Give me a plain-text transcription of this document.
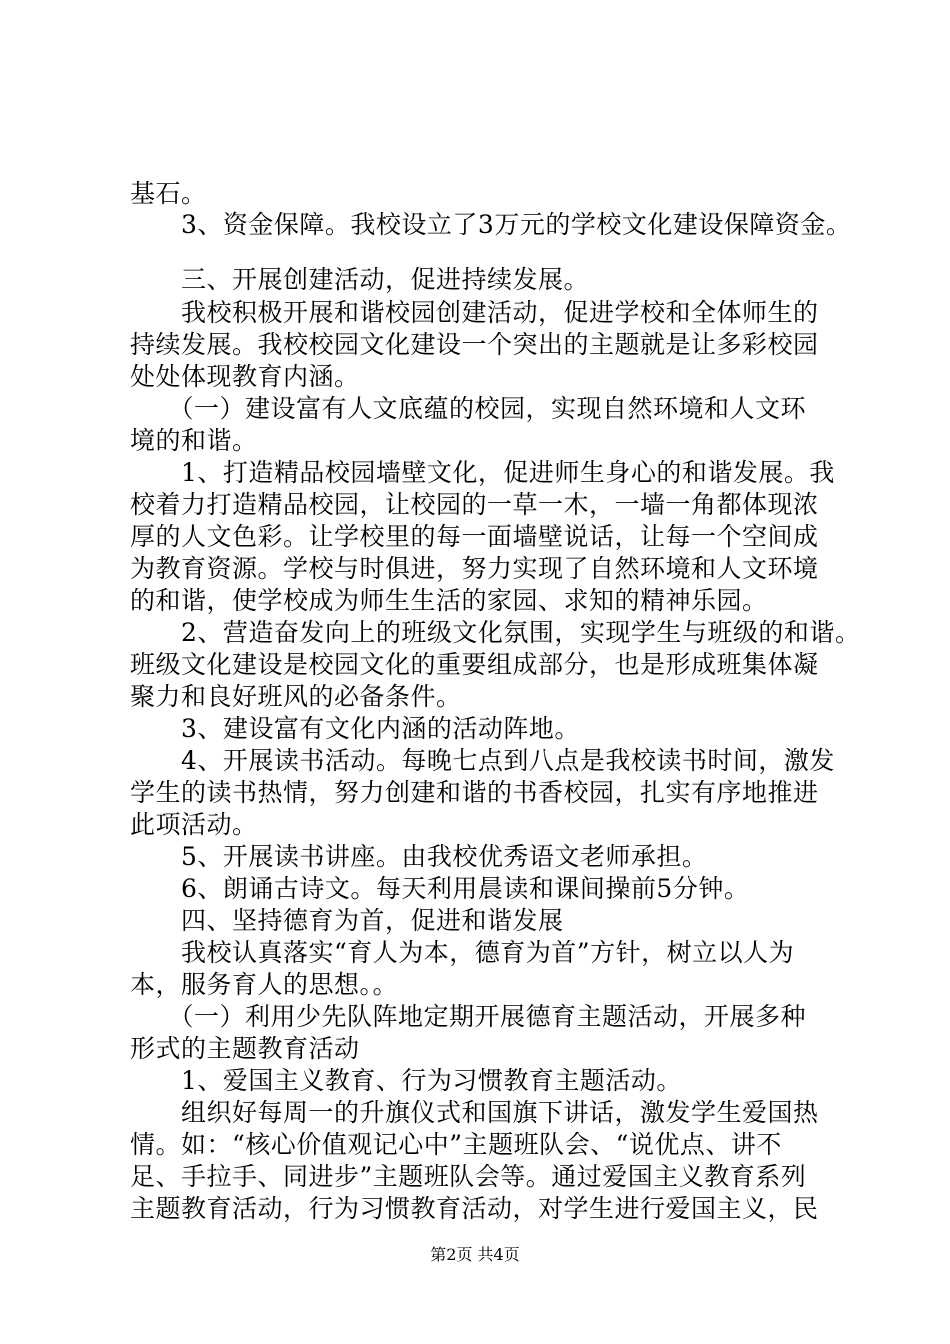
基石。
　　3、资金保障。我校设立了3万元的学校文化建设保障资金。
　　三、开展创建活动，促进持续发展。
　　我校积极开展和谐校园创建活动，促进学校和全体师生的
持续发展。我校校园文化建设一个突出的主题就是让多彩校园
处处体现教育内涵。
　　（一）建设富有人文底蕴的校园，实现自然环境和人文环
境的和谐。
　　1、打造精品校园墙壁文化，促进师生身心的和谐发展。我
校着力打造精品校园，让校园的一草一木，一墙一角都体现浓
厚的人文色彩。让学校里的每一面墙壁说话，让每一个空间成
为教育资源。学校与时俱进，努力实现了自然环境和人文环境
的和谐，使学校成为师生生活的家园、求知的精神乐园。
　　2、营造奋发向上的班级文化氛围，实现学生与班级的和谐。
班级文化建设是校园文化的重要组成部分，也是形成班集体凝
聚力和良好班风的必备条件。
　　3、建设富有文化内涵的活动阵地。
　　4、开展读书活动。每晚七点到八点是我校读书时间，激发
学生的读书热情，努力创建和谐的书香校园，扎实有序地推进
此项活动。
　　5、开展读书讲座。由我校优秀语文老师承担。
　　6、朗诵古诗文。每天利用晨读和课间操前5分钟。
　　四、坚持德育为首，促进和谐发展
　　我校认真落实“育人为本，德育为首”方针，树立以人为
本，服务育人的思想。。
　　（一）利用少先队阵地定期开展德育主题活动，开展多种
形式的主题教育活动
　　1、爱国主义教育、行为习惯教育主题活动。
　　组织好每周一的升旗仪式和国旗下讲话，激发学生爱国热
情。如：“核心价值观记心中”主题班队会、“说优点、讲不
足、手拉手、同进步”主题班队会等。通过爱国主义教育系列
主题教育活动，行为习惯教育活动，对学生进行爱国主义，民
第2页 共4页
